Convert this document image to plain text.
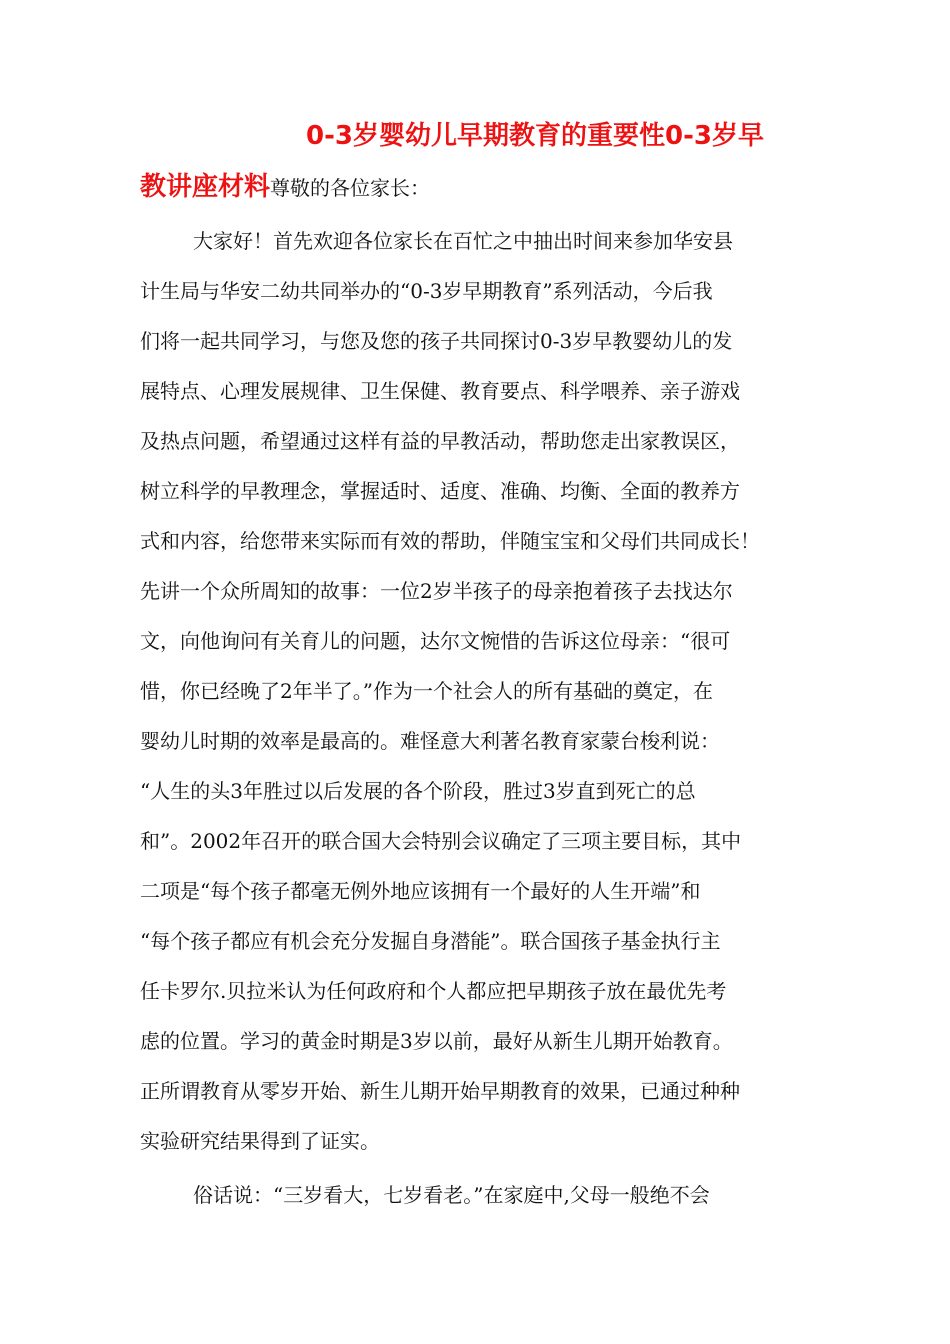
0-3岁婴幼儿早期教育的重要性0-3岁早
教讲座材料尊敬的各位家长：
大家好！首先欢迎各位家长在百忙之中抽出时间来参加华安县
计生局与华安二幼共同举办的“0-3岁早期教育”系列活动，今后我
们将一起共同学习，与您及您的孩子共同探讨0-3岁早教婴幼儿的发
展特点、心理发展规律、卫生保健、教育要点、科学喂养、亲子游戏
及热点问题，希望通过这样有益的早教活动，帮助您走出家教误区，
树立科学的早教理念，掌握适时、适度、准确、均衡、全面的教养方
式和内容，给您带来实际而有效的帮助，伴随宝宝和父母们共同成长！
先讲一个众所周知的故事：一位2岁半孩子的母亲抱着孩子去找达尔
文，向他询问有关育儿的问题，达尔文惋惜的告诉这位母亲：“很可
惜，你已经晚了2年半了。”作为一个社会人的所有基础的奠定，在
婴幼儿时期的效率是最高的。难怪意大利著名教育家蒙台梭利说：
“人生的头3年胜过以后发展的各个阶段，胜过3岁直到死亡的总
和”。2002年召开的联合国大会特别会议确定了三项主要目标，其中
二项是“每个孩子都毫无例外地应该拥有一个最好的人生开端”和
“每个孩子都应有机会充分发掘自身潜能”。联合国孩子基金执行主
任卡罗尔.贝拉米认为任何政府和个人都应把早期孩子放在最优先考
虑的位置。学习的黄金时期是3岁以前，最好从新生儿期开始教育。
正所谓教育从零岁开始、新生儿期开始早期教育的效果，已通过种种
实验研究结果得到了证实。
俗话说：“三岁看大，七岁看老。”在家庭中,父母一般绝不会
